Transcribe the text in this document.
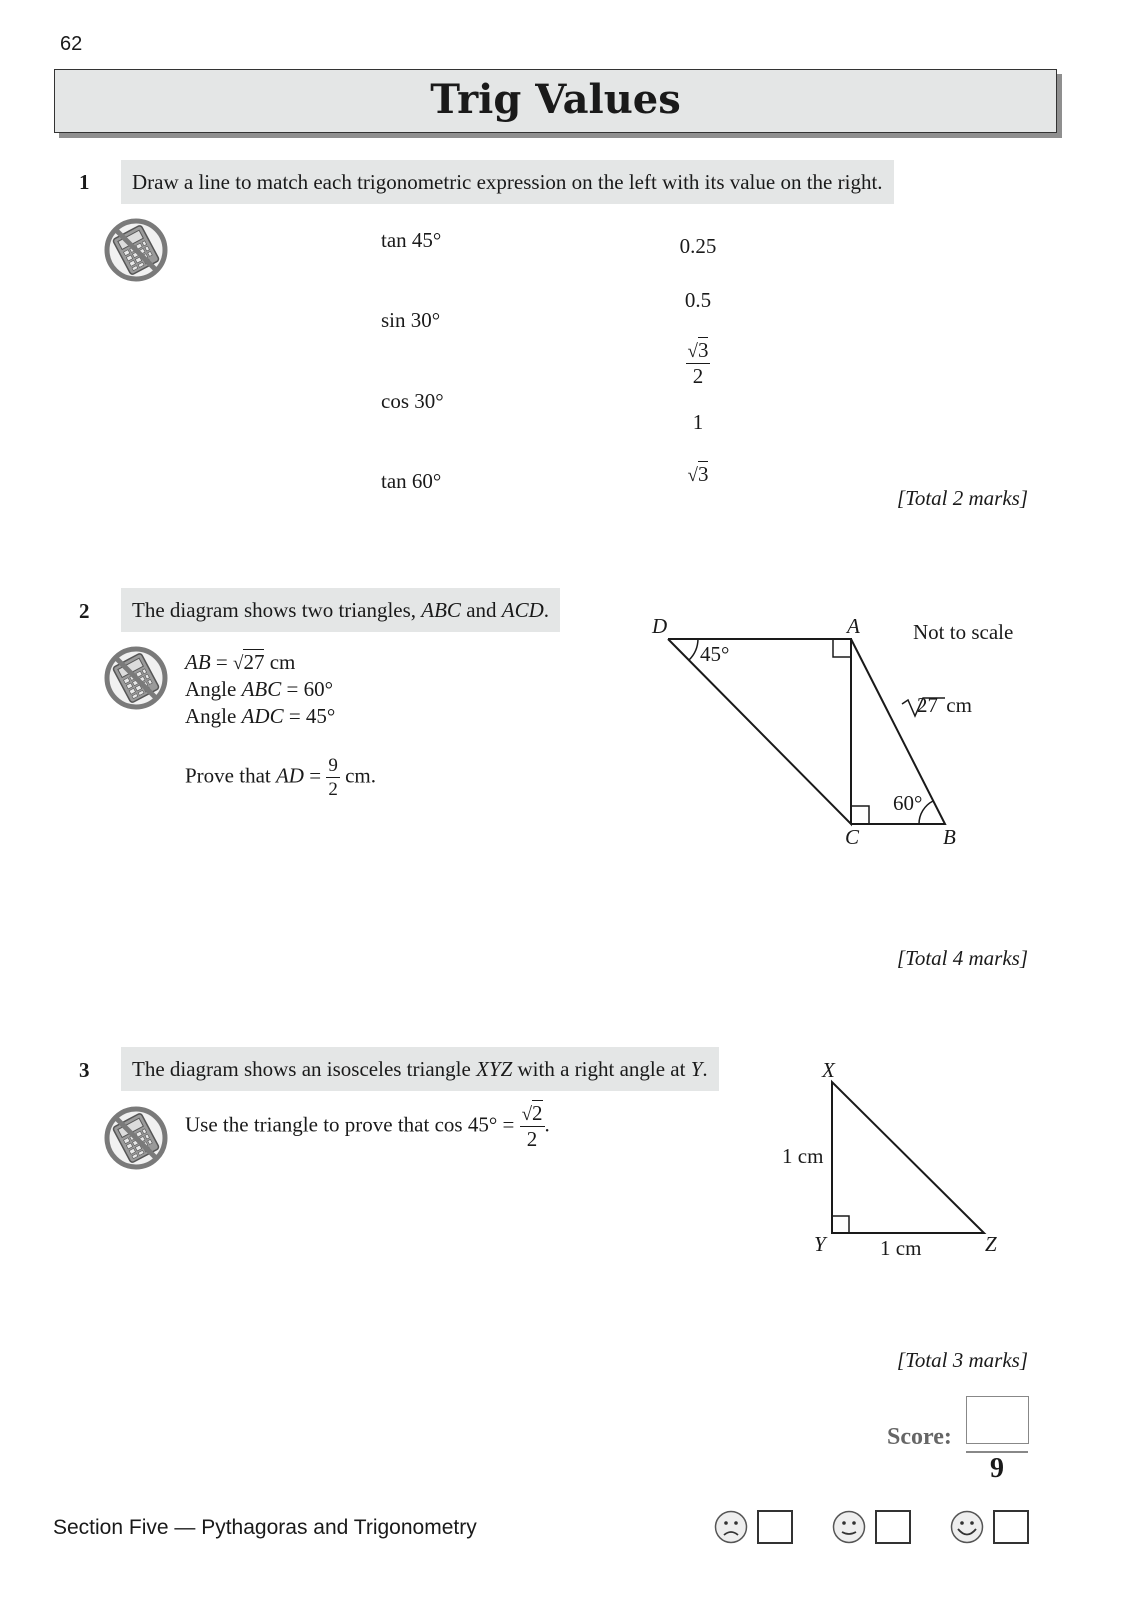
62
Trig Values
1	Draw a line to match each trigonometric expression on the left with its value on the right.
tan 45°
sin 30°
cos 30°
tan 60°
0.25
0.5
$\frac{√3}{2}$
1
√3
[Total 2 marks]
2	The diagram shows two triangles, ABC and ACD.
AB = √27 cm
Angle ABC = 60°
Angle ADC = 45°
Prove that AD = $\frac{9}{2}$ cm.
D	A
C	B
45°
60°
27 cm
Not to scale
[Total 4 marks]
3	The diagram shows an isosceles triangle XYZ with a right angle at Y.
Use the triangle to prove that $\cos 45^\circ = \frac{√2}{2}$ .
X
Y	Z
1 cm
1 cm
[Total 3 marks]
Score:
9
Section Five — Pythagoras and Trigonometry
